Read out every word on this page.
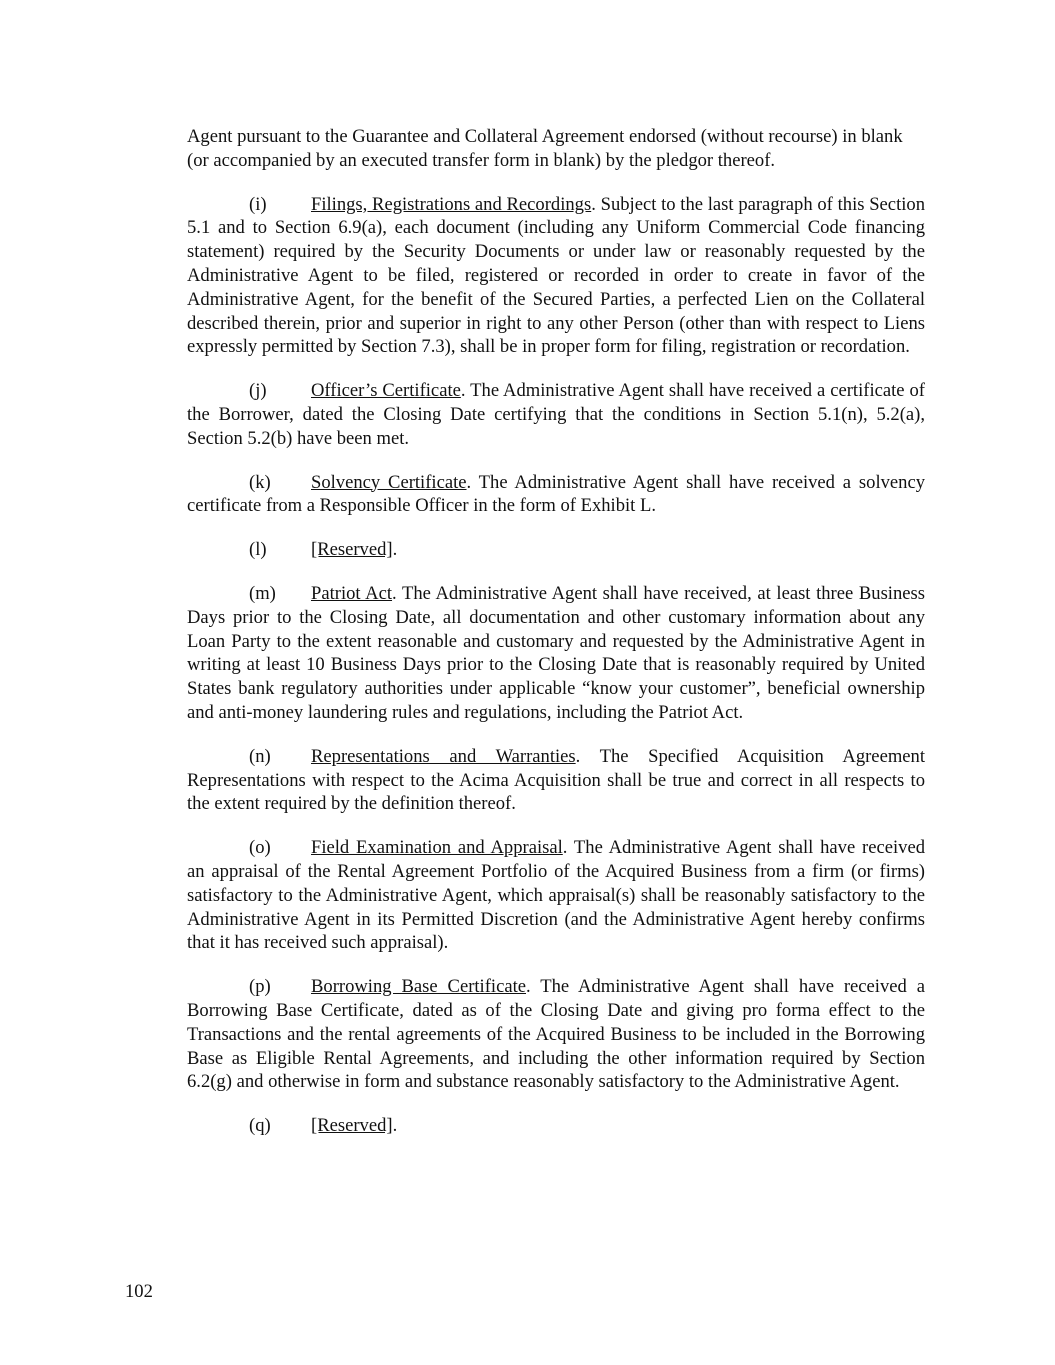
Agent pursuant to the Guarantee and Collateral Agreement endorsed (without recourse) in blank (or accompanied by an executed transfer form in blank) by the pledgor thereof.

(i) Filings, Registrations and Recordings. Subject to the last paragraph of this Section 5.1 and to Section 6.9(a), each document (including any Uniform Commercial Code financing statement) required by the Security Documents or under law or reasonably requested by the Administrative Agent to be filed, registered or recorded in order to create in favor of the Administrative Agent, for the benefit of the Secured Parties, a perfected Lien on the Collateral described therein, prior and superior in right to any other Person (other than with respect to Liens expressly permitted by Section 7.3), shall be in proper form for filing, registration or recordation.

(j) Officer’s Certificate. The Administrative Agent shall have received a certificate of the Borrower, dated the Closing Date certifying that the conditions in Section 5.1(n), 5.2(a), Section 5.2(b) have been met.

(k) Solvency Certificate. The Administrative Agent shall have received a solvency certificate from a Responsible Officer in the form of Exhibit L.

(l) [Reserved].

(m) Patriot Act. The Administrative Agent shall have received, at least three Business Days prior to the Closing Date, all documentation and other customary information about any Loan Party to the extent reasonable and customary and requested by the Administrative Agent in writing at least 10 Business Days prior to the Closing Date that is reasonably required by United States bank regulatory authorities under applicable “know your customer”, beneficial ownership and anti-money laundering rules and regulations, including the Patriot Act.

(n) Representations and Warranties. The Specified Acquisition Agreement Representations with respect to the Acima Acquisition shall be true and correct in all respects to the extent required by the definition thereof.

(o) Field Examination and Appraisal. The Administrative Agent shall have received an appraisal of the Rental Agreement Portfolio of the Acquired Business from a firm (or firms) satisfactory to the Administrative Agent, which appraisal(s) shall be reasonably satisfactory to the Administrative Agent in its Permitted Discretion (and the Administrative Agent hereby confirms that it has received such appraisal).

(p) Borrowing Base Certificate. The Administrative Agent shall have received a Borrowing Base Certificate, dated as of the Closing Date and giving pro forma effect to the Transactions and the rental agreements of the Acquired Business to be included in the Borrowing Base as Eligible Rental Agreements, and including the other information required by Section 6.2(g) and otherwise in form and substance reasonably satisfactory to the Administrative Agent.

(q) [Reserved].

102
